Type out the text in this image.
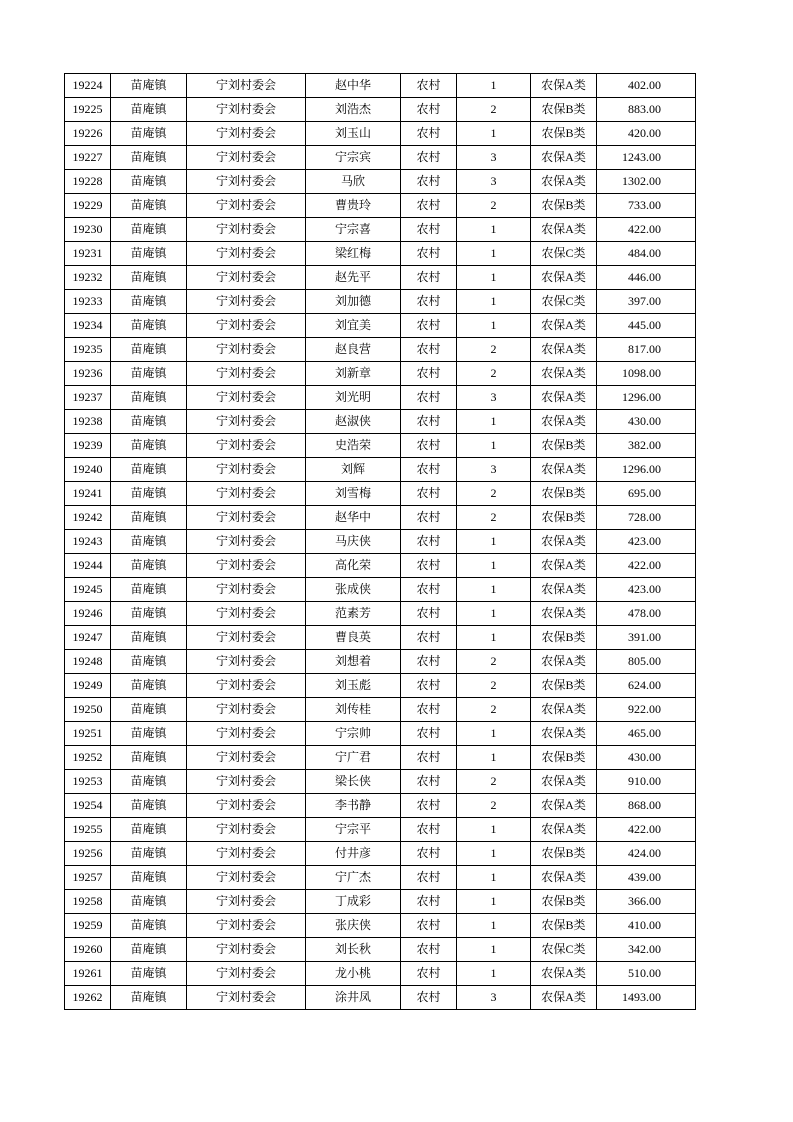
19224	苗庵镇	宁刘村委会	赵中华	农村	1	农保A类	402.00
19225	苗庵镇	宁刘村委会	刘浩杰	农村	2	农保B类	883.00
19226	苗庵镇	宁刘村委会	刘玉山	农村	1	农保B类	420.00
19227	苗庵镇	宁刘村委会	宁宗宾	农村	3	农保A类	1243.00
19228	苗庵镇	宁刘村委会	马欣	农村	3	农保A类	1302.00
19229	苗庵镇	宁刘村委会	曹贵玲	农村	2	农保B类	733.00
19230	苗庵镇	宁刘村委会	宁宗喜	农村	1	农保A类	422.00
19231	苗庵镇	宁刘村委会	梁红梅	农村	1	农保C类	484.00
19232	苗庵镇	宁刘村委会	赵先平	农村	1	农保A类	446.00
19233	苗庵镇	宁刘村委会	刘加德	农村	1	农保C类	397.00
19234	苗庵镇	宁刘村委会	刘宜美	农村	1	农保A类	445.00
19235	苗庵镇	宁刘村委会	赵良营	农村	2	农保A类	817.00
19236	苗庵镇	宁刘村委会	刘新章	农村	2	农保A类	1098.00
19237	苗庵镇	宁刘村委会	刘光明	农村	3	农保A类	1296.00
19238	苗庵镇	宁刘村委会	赵淑侠	农村	1	农保A类	430.00
19239	苗庵镇	宁刘村委会	史浩荣	农村	1	农保B类	382.00
19240	苗庵镇	宁刘村委会	刘辉	农村	3	农保A类	1296.00
19241	苗庵镇	宁刘村委会	刘雪梅	农村	2	农保B类	695.00
19242	苗庵镇	宁刘村委会	赵华中	农村	2	农保B类	728.00
19243	苗庵镇	宁刘村委会	马庆侠	农村	1	农保A类	423.00
19244	苗庵镇	宁刘村委会	高化荣	农村	1	农保A类	422.00
19245	苗庵镇	宁刘村委会	张成侠	农村	1	农保A类	423.00
19246	苗庵镇	宁刘村委会	范素芳	农村	1	农保A类	478.00
19247	苗庵镇	宁刘村委会	曹良英	农村	1	农保B类	391.00
19248	苗庵镇	宁刘村委会	刘想着	农村	2	农保A类	805.00
19249	苗庵镇	宁刘村委会	刘玉彪	农村	2	农保B类	624.00
19250	苗庵镇	宁刘村委会	刘传桂	农村	2	农保A类	922.00
19251	苗庵镇	宁刘村委会	宁宗帅	农村	1	农保A类	465.00
19252	苗庵镇	宁刘村委会	宁广君	农村	1	农保B类	430.00
19253	苗庵镇	宁刘村委会	梁长侠	农村	2	农保A类	910.00
19254	苗庵镇	宁刘村委会	李书静	农村	2	农保A类	868.00
19255	苗庵镇	宁刘村委会	宁宗平	农村	1	农保A类	422.00
19256	苗庵镇	宁刘村委会	付井彦	农村	1	农保B类	424.00
19257	苗庵镇	宁刘村委会	宁广杰	农村	1	农保A类	439.00
19258	苗庵镇	宁刘村委会	丁成彩	农村	1	农保B类	366.00
19259	苗庵镇	宁刘村委会	张庆侠	农村	1	农保B类	410.00
19260	苗庵镇	宁刘村委会	刘长秋	农村	1	农保C类	342.00
19261	苗庵镇	宁刘村委会	龙小桃	农村	1	农保A类	510.00
19262	苗庵镇	宁刘村委会	涂井凤	农村	3	农保A类	1493.00
